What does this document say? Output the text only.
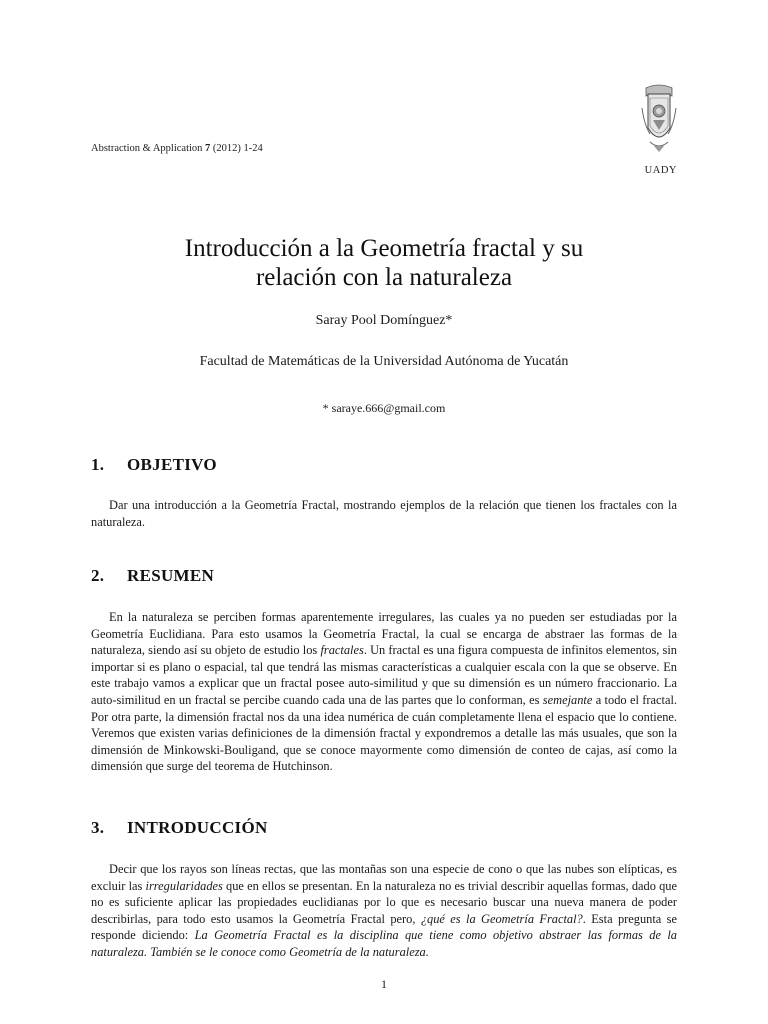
Abstraction & Application 7 (2012) 1-24
UADY
Introducción a la Geometría fractal y su
relación con la naturaleza
Saray Pool Domínguez*
Facultad de Matemáticas de la Universidad Autónoma de Yucatán
* saraye.666@gmail.com
1. OBJETIVO

Dar una introducción a la Geometría Fractal, mostrando ejemplos de la relación que tienen los fractales con la naturaleza.

2. RESUMEN

En la naturaleza se perciben formas aparentemente irregulares, las cuales ya no pueden ser estudiadas por la Geometría Euclidiana. Para esto usamos la Geometría Fractal, la cual se encarga de abstraer las formas de la naturaleza, siendo así su objeto de estudio los fractales. Un fractal es una figura compuesta de infinitos elementos, sin importar si es plano o espacial, tal que tendrá las mismas características a cualquier escala con la que se observe. En este trabajo vamos a explicar que un fractal posee auto-similitud y que su dimensión es un número fraccionario. La auto-similitud en un fractal se percibe cuando cada una de las partes que lo conforman, es semejante a todo el fractal. Por otra parte, la dimensión fractal nos da una idea numérica de cuán completamente llena el espacio que lo contiene. Veremos que existen varias definiciones de la dimensión fractal y expondremos a detalle las más usuales, que son la dimensión de Minkowski-Bouligand, que se conoce mayormente como dimensión de conteo de cajas, así como la dimensión que surge del teorema de Hutchinson.

3. INTRODUCCIÓN

Decir que los rayos son líneas rectas, que las montañas son una especie de cono o que las nubes son elípticas, es excluir las irregularidades que en ellos se presentan. En la naturaleza no es trivial describir aquellas formas, dado que no es suficiente aplicar las propiedades euclidianas por lo que es necesario buscar una nueva manera de poder describirlas, para todo esto usamos la Geometría Fractal pero, ¿qué es la Geometría Fractal?. Esta pregunta se responde diciendo: La Geometría Fractal es la disciplina que tiene como objetivo abstraer las formas de la naturaleza. También se le conoce como Geometría de la naturaleza.

1
